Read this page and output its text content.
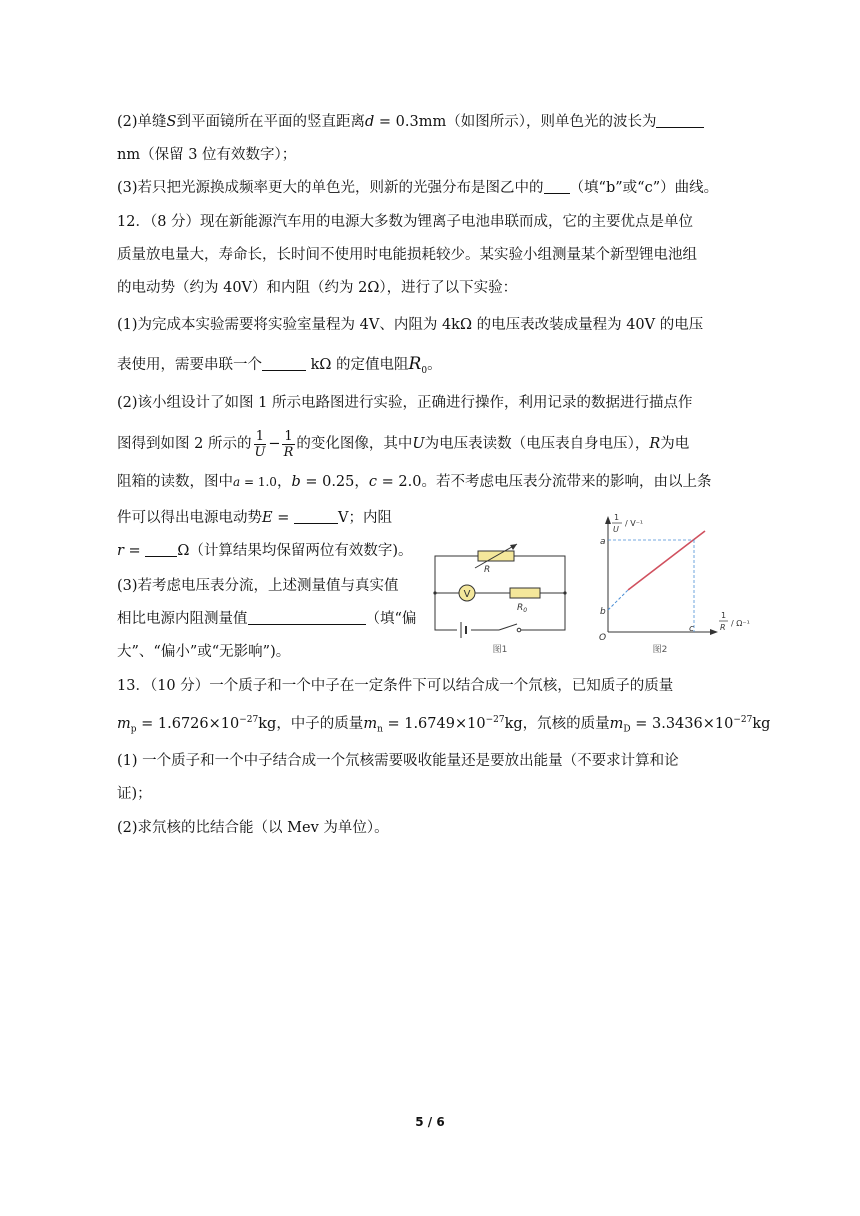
(2)单缝S到平面镜所在平面的竖直距离d = 0.3mm（如图所示），则单色光的波长为
nm（保留 3 位有效数字）；
(3)若只把光源换成频率更大的单色光，则新的光强分布是图乙中的 （填“b”或“c”）曲线。
12．（8 分）现在新能源汽车用的电源大多数为锂离子电池串联而成，它的主要优点是单位
质量放电量大，寿命长，长时间不使用时电能损耗较少。某实验小组测量某个新型锂电池组
的电动势（约为 40V）和内阻（约为 2Ω），进行了以下实验：
(1)为完成本实验需要将实验室量程为 4V、内阻为 4kΩ 的电压表改装成量程为 40V 的电压
表使用，需要串联一个	kΩ 的定值电阻$R_0$。
(2)该小组设计了如图 1 所示电路图进行实验，正确进行操作，利用记录的数据进行描点作
图得到如图 2 所示的 $\frac{1}{U} - \frac{1}{R}$ 的变化图像，其中U为电压表读数（电压表自身电压），R为电
阻箱的读数，图中a = 1.0，b = 0.25，c = 2.0。若不考虑电压表分流带来的影响，由以上条
件可以得出电源电动势E =	V；内阻
r = Ω（计算结果均保留两位有效数字)。
(3)若考虑电压表分流，上述测量值与真实值
相比电源内阻测量值	（填“偏
大”、“偏小”或“无影响”)。
R
V
$R_0$
图1
1
U
/ V⁻¹
1
R / Ω⁻¹
a
b
c
O
图2
13．（10 分）一个质子和一个中子在一定条件下可以结合成一个氘核，已知质子的质量
$m_p = 1.6726\times 10^{-27}kg$，中子的质量$m_n = 1.6749\times 10^{-27}kg$，氘核的质量$m_D = 3.3436\times 10^{-27}kg$
(1) 一个质子和一个中子结合成一个氘核需要吸收能量还是要放出能量（不要求计算和论
证)；
(2)求氘核的比结合能（以 Mev 为单位）。
5 / 6
